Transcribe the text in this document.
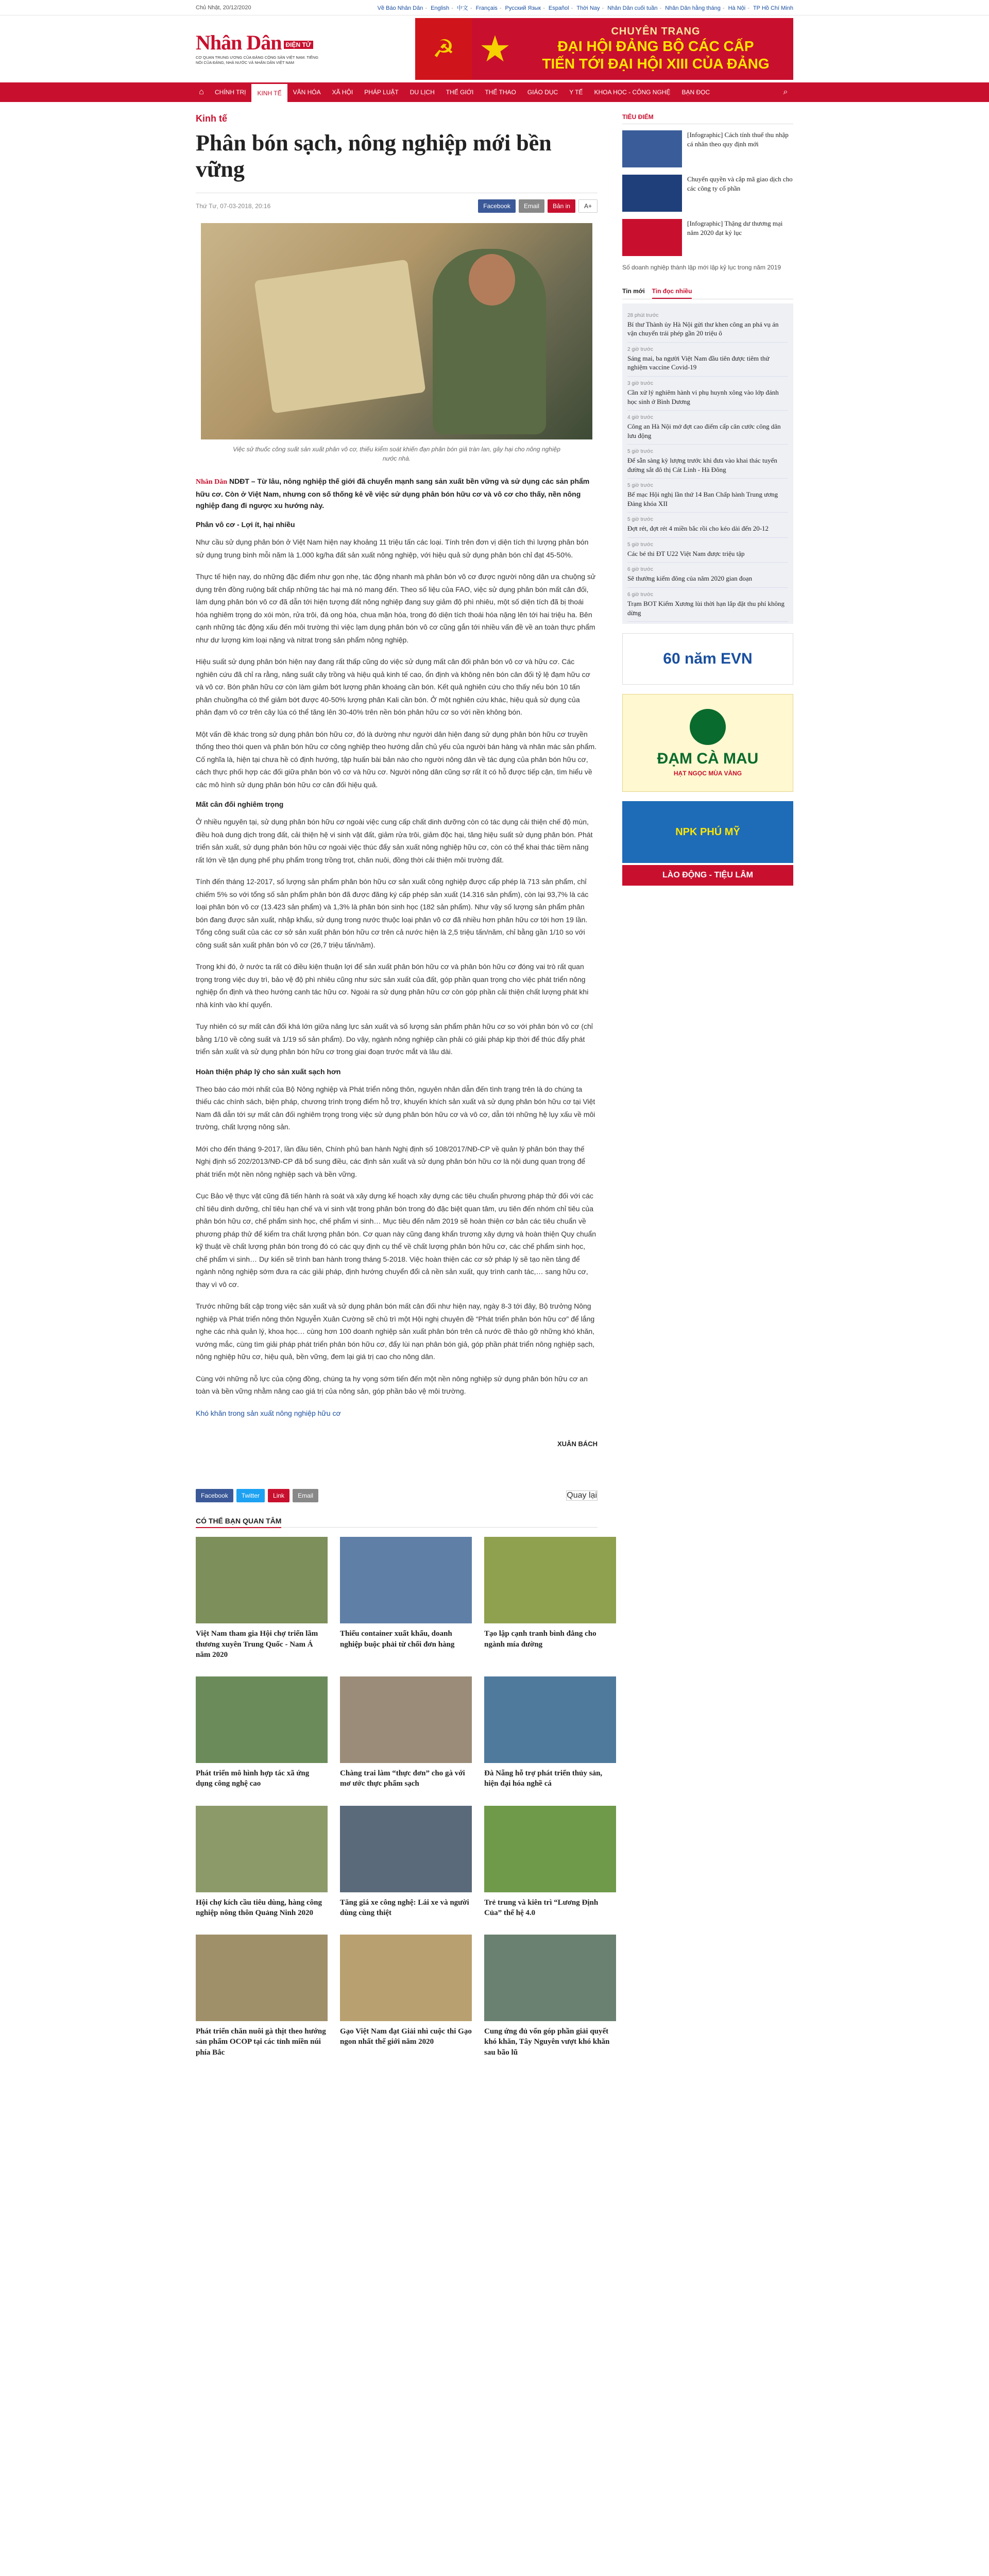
Chủ Nhật, 20/12/2020	Về Báo Nhân Dân - English - 中文 - Français - Pусский Язык - Español - Thời Nay - Nhân Dân cuối tuần - Nhân Dân hằng tháng - Hà Nội - TP Hồ Chí Minh
Nhân Dân ĐIỆN TỬ
CƠ QUAN TRUNG ƯƠNG CỦA ĐẢNG CỘNG SẢN VIỆT NAM. TIẾNG NÓI CỦA ĐẢNG, NHÀ NƯỚC VÀ NHÂN DÂN VIỆT NAM	☭ ★	CHUYÊN TRANG
ĐẠI HỘI ĐẢNG BỘ CÁC CẤP
TIẾN TỚI ĐẠI HỘI XIII CỦA ĐẢNG
⌂	CHÍNH TRỊ	KINH TẾ	VĂN HÓA	XÃ HỘI	PHÁP LUẬT	DU LỊCH	THẾ GIỚI	THỂ THAO	GIÁO DỤC	Y TẾ	KHOA HỌC - CÔNG NGHỆ	BẠN ĐỌC	⌕
Kinh tế
Phân bón sạch, nông nghiệp mới bền vững
Thứ Tư, 07-03-2018, 20:16	Facebook	Email	Bản in	A+
Việc sử thuốc công suất sản xuất phân vô cơ, thiếu kiểm soát khiến đạn phân bón giả tràn lan, gây hại cho nông nghiệp nước nhà.
Nhân Dân NDĐT – Từ lâu, nông nghiệp thế giới đã chuyển mạnh sang sản xuất bền vững và sử dụng các sản phẩm hữu cơ. Còn ở Việt Nam, nhưng con số thống kê về việc sử dụng phân bón hữu cơ và vô cơ cho thấy, nền nông nghiệp đang đi ngược xu hướng này.
Phân vô cơ - Lợi ít, hại nhiều

Như cầu sử dụng phân bón ở Việt Nam hiện nay khoảng 11 triệu tấn các loại. Tính trên đơn vị diện tích thì lượng phân bón sử dụng trung bình mỗi năm là 1.000 kg/ha đất sản xuất nông nghiệp, với hiệu quả sử dụng phân bón chỉ đạt 45-50%.

Thực tế hiện nay, do những đặc điểm như gọn nhẹ, tác động nhanh mà phân bón vô cơ được người nông dân ưa chuộng sử dụng trên đồng ruộng bất chấp những tác hại mà nó mang đến. Theo số liệu của FAO, việc sử dụng phân bón mất cân đối, làm dụng phân bón vô cơ đã dẫn tới hiện tượng đất nông nghiệp đang suy giảm độ phì nhiêu, một số diện tích đã bị thoái hóa nghiêm trọng do xói mòn, rửa trôi, đá ong hóa, chua mặn hóa, trong đó diện tích thoái hóa nặng lên tới hai triệu ha. Bên cạnh những tác động xấu đến môi trường thì việc lạm dụng phân bón vô cơ cũng gắn tới nhiều vấn đề về an toàn thực phẩm như dư lượng kim loại nặng và nitrat trong sản phẩm nông nghiệp.

Hiệu suất sử dụng phân bón hiện nay đang rất thấp cũng do việc sử dụng mất cân đối phân bón vô cơ và hữu cơ. Các nghiên cứu đã chỉ ra rằng, năng suất cây trồng và hiệu quả kinh tế cao, ổn định và không nên bón cân đối tỷ lệ đạm hữu cơ và vô cơ. Bón phân hữu cơ còn làm giảm bớt lượng phân khoáng cần bón. Kết quả nghiên cứu cho thấy nếu bón 10 tấn phân chuồng/ha có thể giảm bớt được 40-50% lượng phân Kali cần bón. Ở một nghiên cứu khác, hiệu quả sử dụng của phân đạm vô cơ trên cây lúa có thể tăng lên 30-40% trên nền bón phân hữu cơ so với nền không bón.

Một vấn đề khác trong sử dụng phân bón hữu cơ, đó là dường như người dân hiện đang sử dụng phân bón hữu cơ truyền thống theo thói quen và phân bón hữu cơ công nghiệp theo hướng dẫn chủ yếu của người bán hàng và nhân mác sản phẩm. Cố nghĩa là, hiện tại chưa hề có định hướng, tập huấn bài bản nào cho người nông dân về tác dụng của phân bón hữu cơ, cách thực phối hợp các đối giữa phân bón vô cơ và hữu cơ. Người nông dân cũng sợ rất ít có hỗ được tiếp cận, tìm hiểu về các mô hình sử dụng phân bón hữu cơ cân đối hiệu quả.

Mất cân đối nghiêm trọng

Ở nhiều nguyên tại, sử dụng phân bón hữu cơ ngoài việc cung cấp chất dinh dưỡng còn có tác dụng cải thiện chế độ mùn, điều hoà dung dịch trong đất, cải thiện hệ vi sinh vật đất, giảm rửa trôi, giảm độc hại, tăng hiệu suất sử dụng phân bón. Phát triển sản xuất, sử dụng phân bón hữu cơ ngoài việc thúc đẩy sản xuất nông nghiệp hữu cơ, còn có thể khai thác tiềm năng rất lớn về tận dụng phế phụ phẩm trong trồng trọt, chăn nuôi, đồng thời cải thiện môi trường đất.

Tính đến tháng 12-2017, số lượng sản phẩm phân bón hữu cơ sản xuất công nghiệp được cấp phép là 713 sản phẩm, chỉ chiếm 5% so với tổng số sản phẩm phân bón đã được đăng ký cấp phép sản xuất (14.316 sản phẩm), còn lại 93,7% là các loại phân bón vô cơ (13.423 sản phẩm) và 1,3% là phân bón sinh học (182 sản phẩm). Như vậy số lượng sản phẩm phân bón đang được sản xuất, nhập khẩu, sử dụng trong nước thuộc loại phân vô cơ đã nhiều hơn phân hữu cơ tới hơn 19 lần. Tổng công suất của các cơ sở sản xuất phân bón hữu cơ trên cả nước hiện là 2,5 triệu tấn/năm, chỉ bằng gần 1/10 so với công suất sản xuất phân bón vô cơ (26,7 triệu tấn/năm).

Trong khi đó, ở nước ta rất có điều kiện thuận lợi để sản xuất phân bón hữu cơ và phân bón hữu cơ đóng vai trò rất quan trọng trong việc duy trì, bảo vệ độ phì nhiêu cũng như sức sản xuất của đất, góp phần quan trọng cho việc phát triển nông nghiệp ổn định và theo hướng canh tác hữu cơ. Ngoài ra sử dụng phân hữu cơ còn góp phần cải thiện chất lượng phát khi nhà kính vào khí quyển.

Tuy nhiên có sự mất cân đối khá lớn giữa năng lực sản xuất và số lượng sản phẩm phân hữu cơ so với phân bón vô cơ (chỉ bằng 1/10 về công suất và 1/19 số sản phẩm). Do vậy, ngành nông nghiệp cần phải có giải pháp kịp thời để thúc đẩy phát triển sản xuất và sử dụng phân bón hữu cơ trong giai đoạn trước mắt và lâu dài.

Hoàn thiện pháp lý cho sản xuất sạch hơn

Theo báo cáo mới nhất của Bộ Nông nghiệp và Phát triển nông thôn, nguyên nhân dẫn đến tình trạng trên là do chúng ta thiếu các chính sách, biện pháp, chương trình trọng điểm hỗ trợ, khuyến khích sản xuất và sử dụng phân bón hữu cơ tại Việt Nam đã dẫn tới sự mất cân đối nghiêm trọng trong việc sử dụng phân bón hữu cơ và vô cơ, dẫn tới những hệ lụy xấu về môi trường, chất lượng nông sản.

Mới cho đến tháng 9-2017, lần đầu tiên, Chính phủ ban hành Nghị định số 108/2017/NĐ-CP về quản lý phân bón thay thế Nghị định số 202/2013/NĐ-CP đã bổ sung điều, các định sản xuất và sử dụng phân bón hữu cơ là nội dung quan trọng để phát triển một nền nông nghiệp sạch và bền vững.

Cục Bảo vệ thực vật cũng đã tiến hành rà soát và xây dựng kế hoạch xây dựng các tiêu chuẩn phương pháp thử đối với các chỉ tiêu dinh dưỡng, chỉ tiêu hạn chế và vi sinh vật trong phân bón trong đó đặc biệt quan tâm, ưu tiên đến nhóm chỉ tiêu của phân bón hữu cơ, chế phẩm sinh học, chế phẩm vi sinh… Mục tiêu đến năm 2019 sẽ hoàn thiện cơ bản các tiêu chuẩn về phương pháp thử để kiểm tra chất lượng phân bón. Cơ quan này cũng đang khẩn trương xây dựng và hoàn thiện Quy chuẩn kỹ thuật về chất lượng phân bón trong đó có các quy định cụ thể về chất lượng phân bón hữu cơ, các chế phẩm sinh học, chế phẩm vi sinh… Dự kiến sẽ trình ban hành trong tháng 5-2018. Việc hoàn thiện các cơ sở pháp lý sẽ tạo nền tảng để ngành nông nghiệp sớm đưa ra các giải pháp, định hướng chuyển đổi cả nền sản xuất, quy trình canh tác,… sang hữu cơ, thay vì vô cơ.

Trước những bất cập trong việc sản xuất và sử dụng phân bón mất cân đối như hiện nay, ngày 8-3 tới đây, Bộ trưởng Nông nghiệp và Phát triển nông thôn Nguyễn Xuân Cường sẽ chủ trì một Hội nghị chuyên đề “Phát triển phân bón hữu cơ” để lắng nghe các nhà quản lý, khoa học… cùng hơn 100 doanh nghiệp sản xuất phân bón trên cả nước đề thảo gỡ những khó khăn, vướng mắc, cùng tìm giải pháp phát triển phân bón hữu cơ, đẩy lùi nạn phân bón giả, góp phần phát triển nông nghiệp sạch, nông nghiệp hữu cơ, hiệu quả, bền vững, đem lại giá trị cao cho nông dân.

Cùng với những nỗ lực của cộng đồng, chúng ta hy vọng sớm tiến đến một nền nông nghiệp sử dụng phân bón hữu cơ an toàn và bền vững nhằm nâng cao giá trị của nông sản, góp phần bảo vệ môi trường.

Khó khăn trong sản xuất nông nghiệp hữu cơ

XUÂN BÁCH
Facebook	Twitter	Link	Email	Quay lại
CÓ THỂ BẠN QUAN TÂM
Việt Nam tham gia Hội chợ triển lãm thương xuyên Trung Quốc - Nam Á năm 2020
Thiếu container xuất khẩu, doanh nghiệp buộc phải từ chối đơn hàng
Tạo lập cạnh tranh bình đẳng cho ngành mía đường
Phát triển mô hình hợp tác xã ứng dụng công nghệ cao
Chàng trai làm “thực đơn” cho gà với mơ ước thực phẩm sạch
Đà Nẵng hỗ trợ phát triển thủy sản, hiện đại hóa nghề cá
Hội chợ kích cầu tiêu dùng, hàng công nghiệp nông thôn Quảng Ninh 2020
Tăng giá xe công nghệ: Lái xe và người dùng cùng thiệt
Trẻ trung và kiên trì “Lương Định Của” thế hệ 4.0
Phát triển chăn nuôi gà thịt theo hướng sản phẩm OCOP tại các tỉnh miền núi phía Bắc
Gạo Việt Nam đạt Giải nhì cuộc thi Gạo ngon nhất thế giới năm 2020
Cung ứng đủ vốn góp phần giải quyết khó khăn, Tây Nguyên vượt khó khăn sau bão lũ
TIÊU ĐIỂM
[Infographic] Cách tính thuế thu nhập cá nhân theo quy định mới
Chuyển quyền và cắp mã giao dịch cho các công ty cổ phần
[Infographic] Thặng dư thương mại năm 2020 đạt kỷ lục
Số doanh nghiệp thành lập mới lập kỷ lục trong năm 2019
Tin mới Tin đọc nhiều
28 phút trước
Bí thư Thành ủy Hà Nội gửi thư khen công an phá vụ án vận chuyển trái phép gần 20 triệu ô
2 giờ trước
Sáng mai, ba người Việt Nam đầu tiên được tiêm thử nghiệm vaccine Covid-19
3 giờ trước
Cần xử lý nghiêm hành vi phụ huynh xông vào lớp đánh học sinh ở Bình Dương
4 giờ trước
Công an Hà Nội mở đợt cao điểm cấp căn cước công dân lưu động
5 giờ trước
Để sẵn sàng kỳ lượng trước khi đưa vào khai thác tuyến đường sắt đô thị Cát Linh - Hà Đông
5 giờ trước
Bế mạc Hội nghị lần thứ 14 Ban Chấp hành Trung ương Đảng khóa XII
5 giờ trước
Đợt rét, đợt rét 4 miền bắc rồi cho kéo dài đến 20-12
5 giờ trước
Các bé thi ĐT U22 Việt Nam được triệu tập
6 giờ trước
Sẽ thưởng kiểm đông của năm 2020 gian đoạn
6 giờ trước
Trạm BOT Kiểm Xương lùi thời hạn lắp đặt thu phí không dừng
60 năm EVN
ĐẠM CÀ MAU
HẠT NGỌC MÙA VÀNG
NPK PHÚ MỸ
LÀO ĐỘNG - TIỆU LÂM
